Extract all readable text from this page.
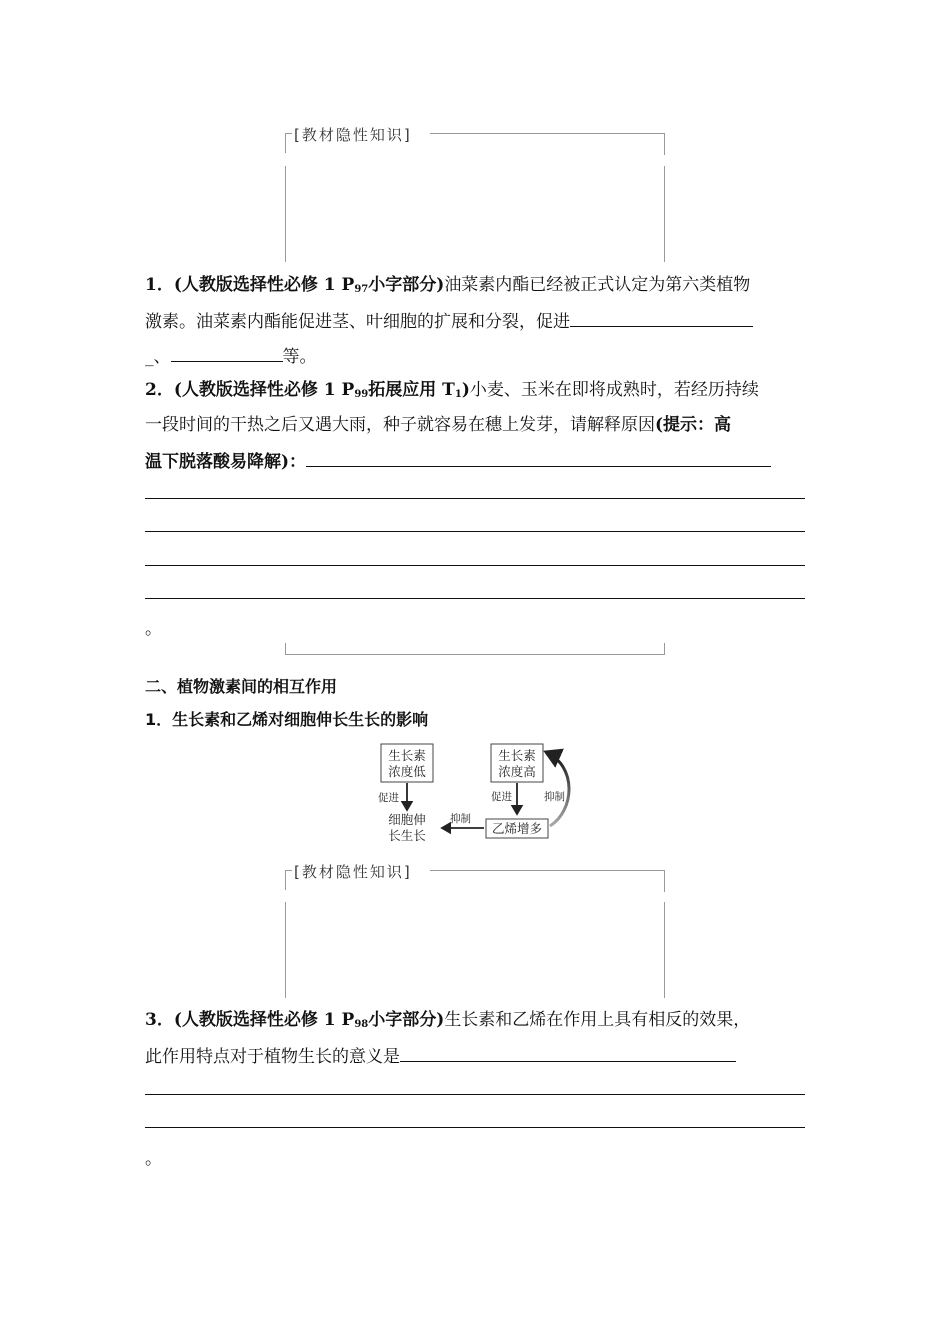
[教材隐性知识]
1．(人教版选择性必修 1 $P_{97}$小字部分)油菜素内酯已经被正式认定为第六类植物
激素。油菜素内酯能促进茎、叶细胞的扩展和分裂，促进
_、	等。
2．(人教版选择性必修 1 $P_{99}$拓展应用 $T_1$)小麦、玉米在即将成熟时，若经历持续
一段时间的干热之后又遇大雨，种子就容易在穗上发芽，请解释原因(提示：高
温下脱落酸易降解)：
。
二、植物激素间的相互作用
1．生长素和乙烯对细胞伸长生长的影响
生长素
浓度低
生长素
浓度高
促进
细胞伸
长生长
促进
乙烯增多
抑制
抑制
[教材隐性知识]
3．(人教版选择性必修 1 $P_{98}$小字部分)生长素和乙烯在作用上具有相反的效果，
此作用特点对于植物生长的意义是
。
